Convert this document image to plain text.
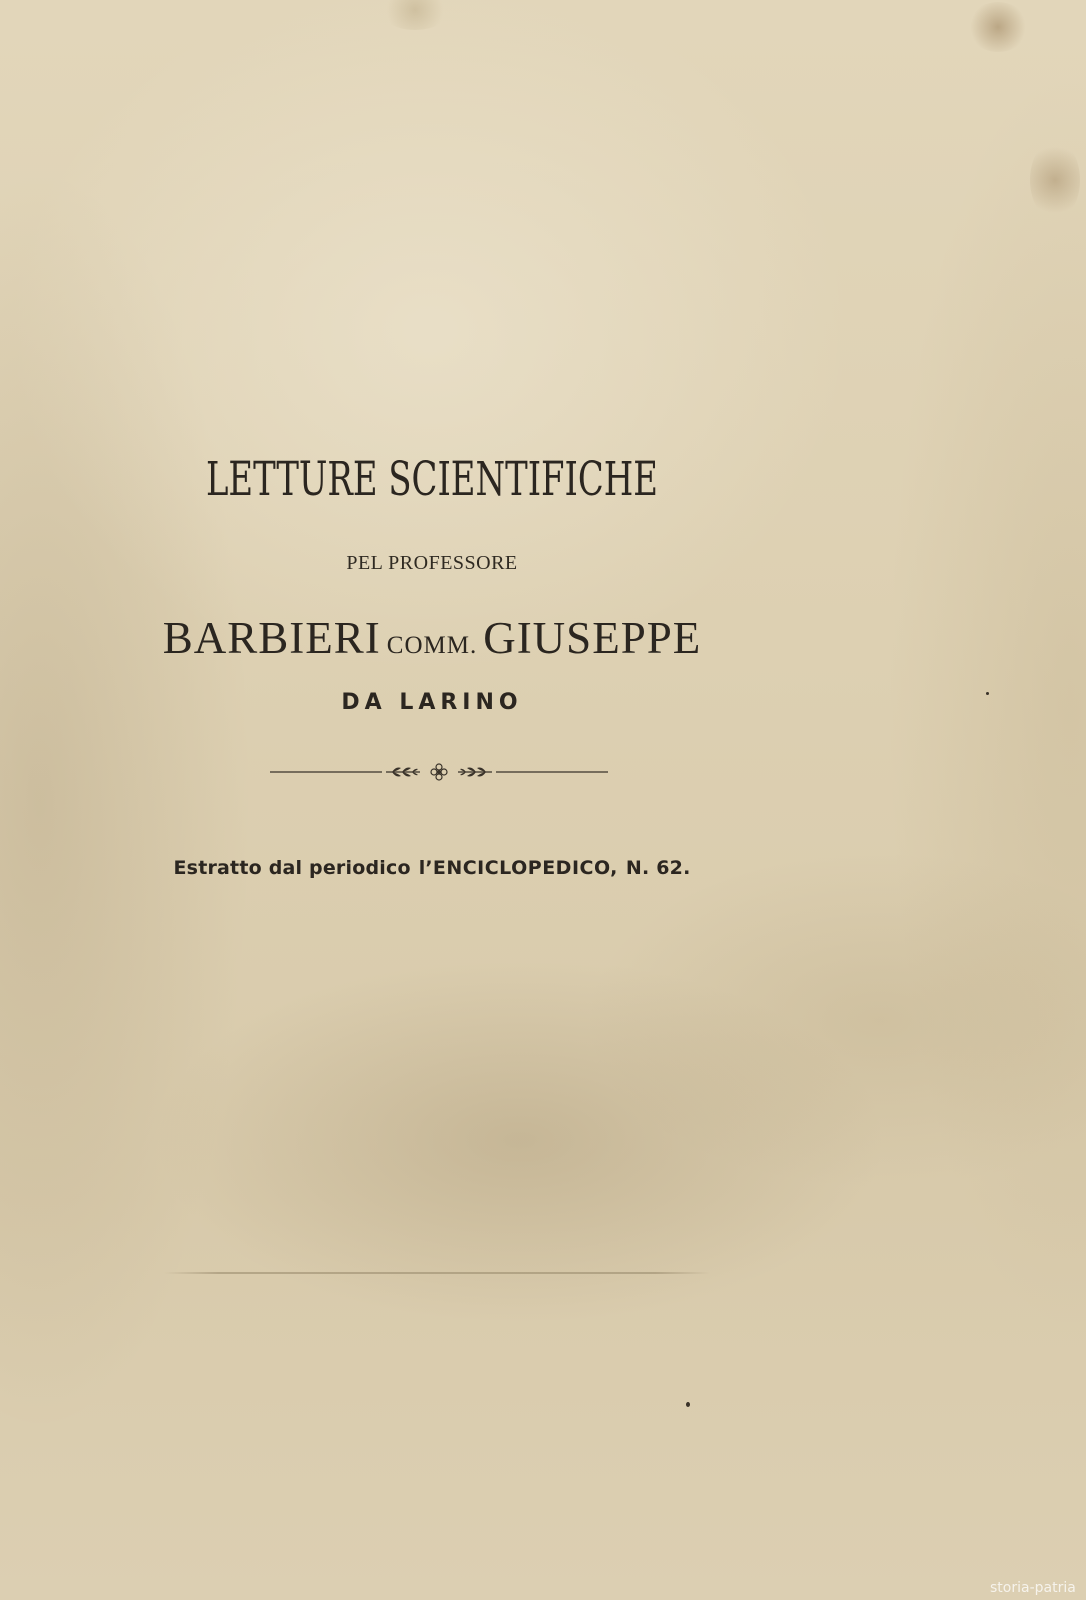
LETTURE SCIENTIFICHE
PEL PROFESSORE
BARBIERI COMM. GIUSEPPE
DA LARINO
Estratto dal periodico l’ENCICLOPEDICO, N. 62.
storia-patria
